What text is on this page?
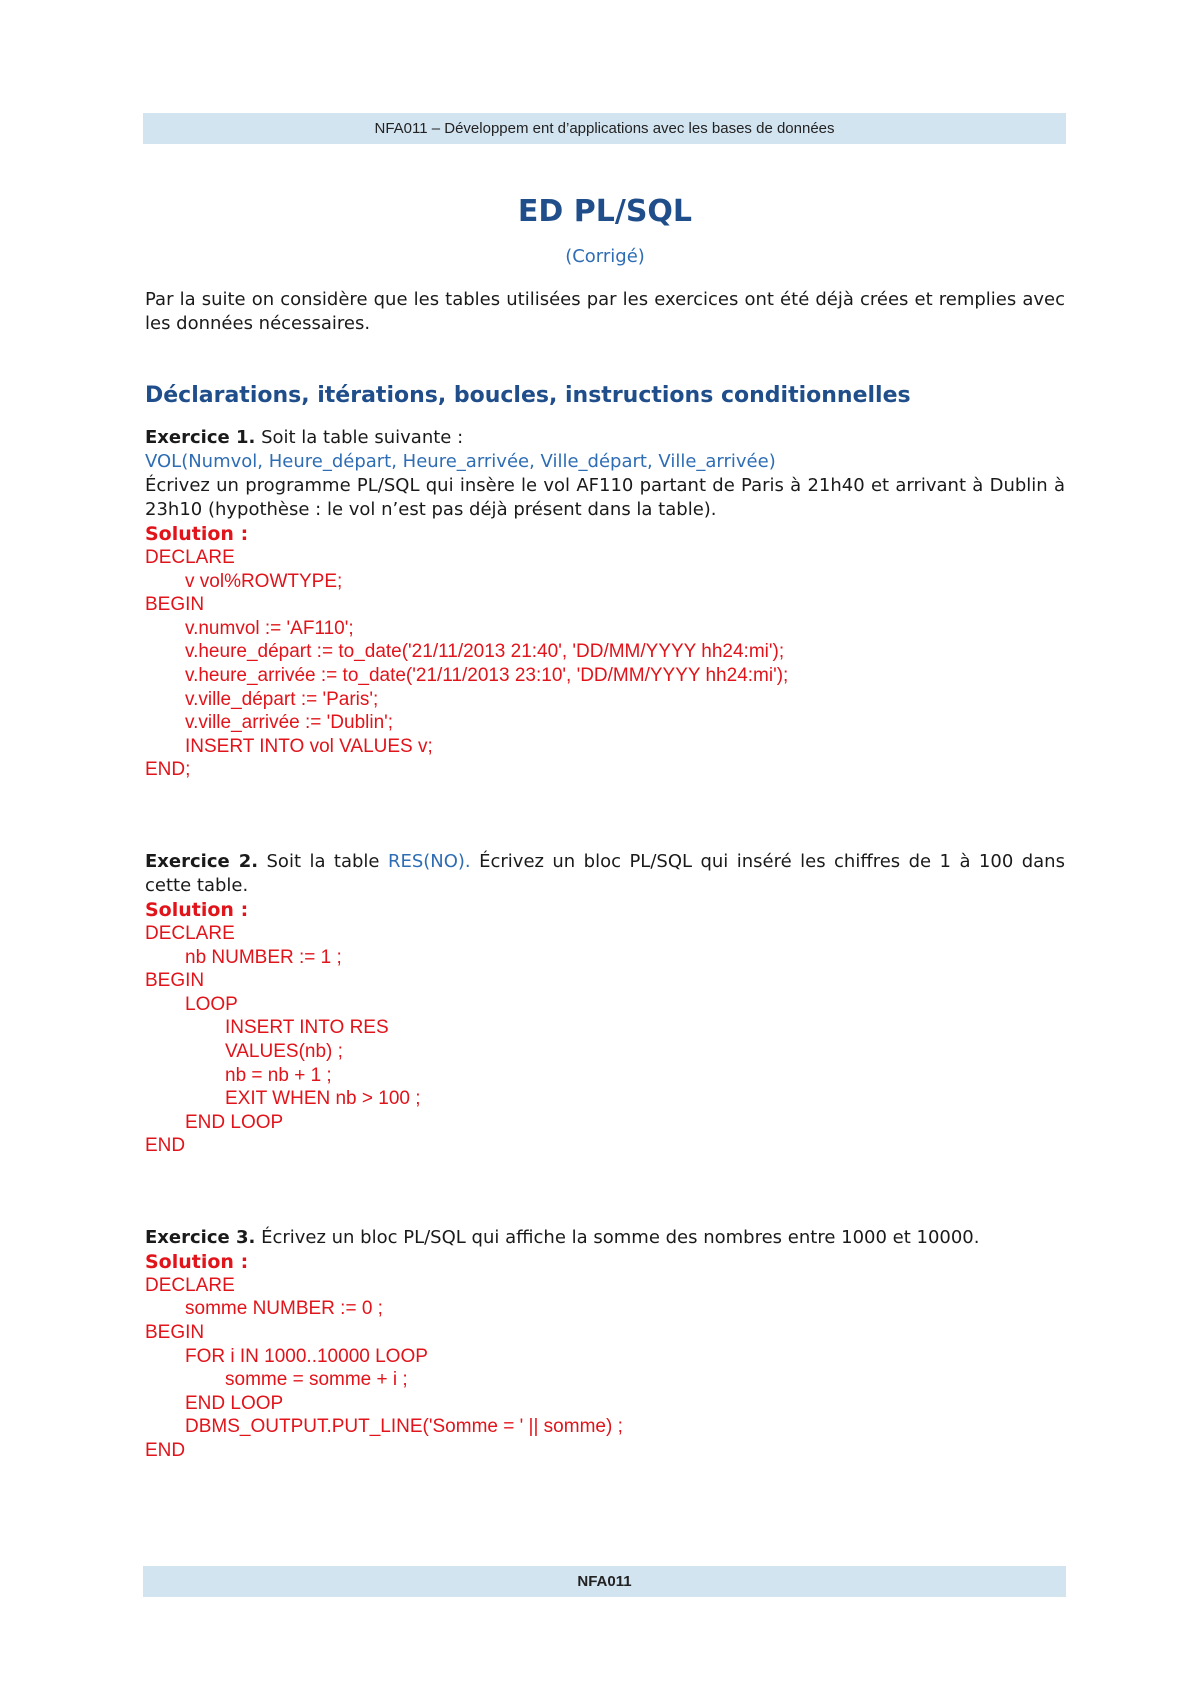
NFA011 – Développem ent d’applications avec les bases de données
ED PL/SQL
(Corrigé)
Par la suite on considère que les tables utilisées par les exercices ont été déjà crées et remplies avec les données nécessaires.
Déclarations, itérations, boucles, instructions conditionnelles
Exercice 1. Soit la table suivante :
VOL(Numvol, Heure_départ, Heure_arrivée, Ville_départ, Ville_arrivée)
Écrivez un programme PL/SQL qui insère le vol AF110 partant de Paris à 21h40 et arrivant à Dublin à 23h10 (hypothèse : le vol n’est pas déjà présent dans la table).
Solution :
DECLARE
v vol%ROWTYPE;
BEGIN
v.numvol := 'AF110';
v.heure_départ := to_date('21/11/2013 21:40', 'DD/MM/YYYY hh24:mi');
v.heure_arrivée := to_date('21/11/2013 23:10', 'DD/MM/YYYY hh24:mi');
v.ville_départ := 'Paris';
v.ville_arrivée := 'Dublin';
INSERT INTO vol VALUES v;
END;
Exercice 2. Soit la table RES(NO). Écrivez un bloc PL/SQL qui inséré les chiffres de 1 à 100 dans cette table.
Solution :
DECLARE
nb NUMBER := 1 ;
BEGIN
LOOP
INSERT INTO RES
VALUES(nb) ;
nb = nb + 1 ;
EXIT WHEN nb > 100 ;
END LOOP
END
Exercice 3. Écrivez un bloc PL/SQL qui affiche la somme des nombres entre 1000 et 10000.
Solution :
DECLARE
somme NUMBER := 0 ;
BEGIN
FOR i IN 1000..10000 LOOP
somme = somme + i ;
END LOOP
DBMS_OUTPUT.PUT_LINE('Somme = ' || somme) ;
END
NFA011
